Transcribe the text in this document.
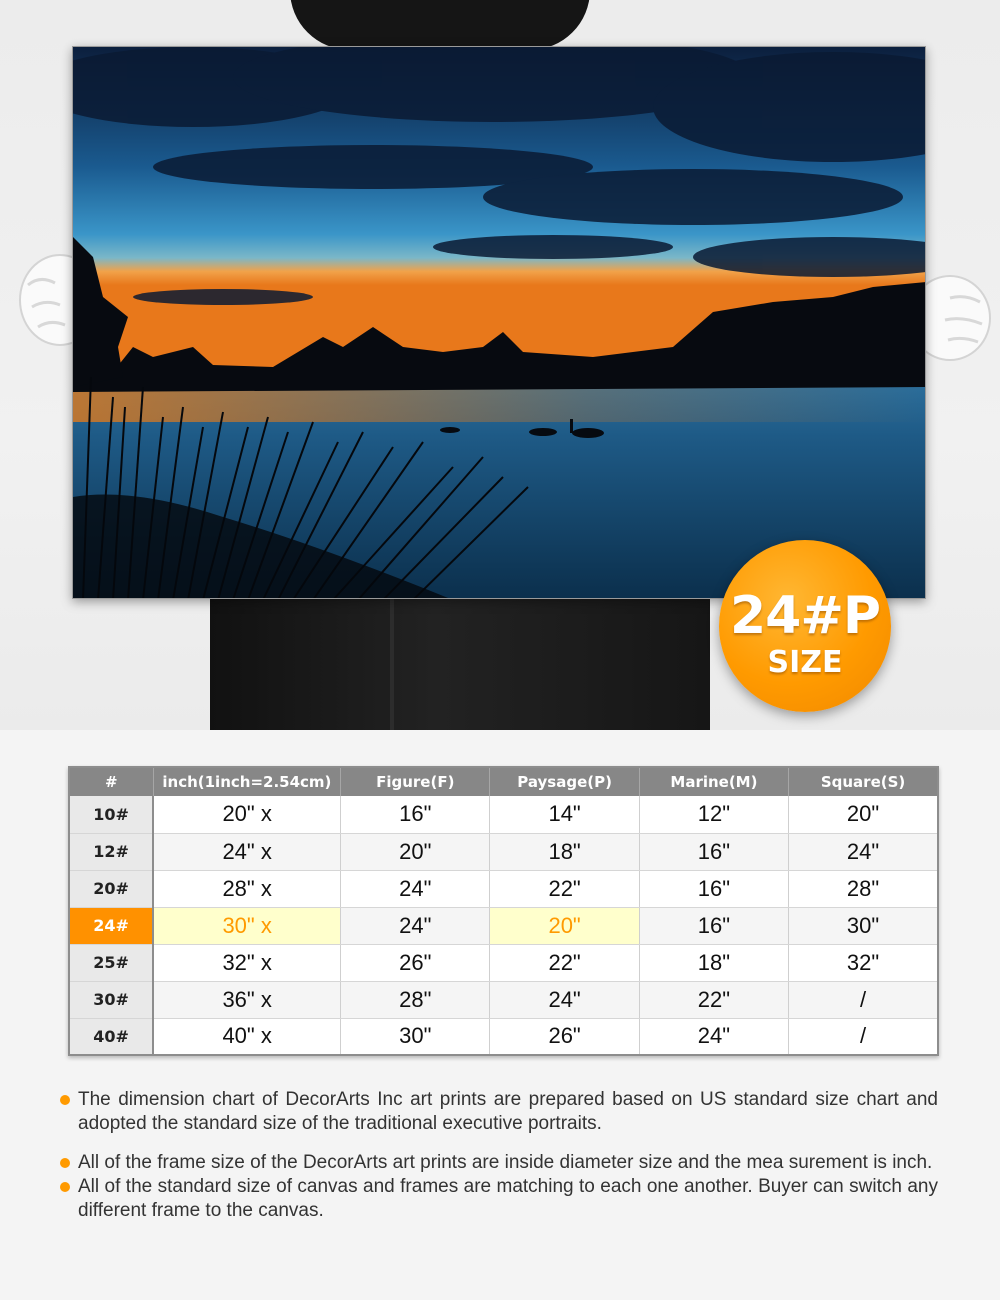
24#P
SIZE
#	inch(1inch=2.54cm)	Figure(F)	Paysage(P)	Marine(M)	Square(S)
10#	20" x	16"	14"	12"	20"
12#	24" x	20"	18"	16"	24"
20#	28" x	24"	22"	16"	28"
24#	30" x	24"	20"	16"	30"
25#	32" x	26"	22"	18"	32"
30#	36" x	28"	24"	22"	/
40#	40" x	30"	26"	24"	/
The dimension chart of DecorArts Inc art prints are prepared based on US standard size chart and adopted the standard size of the traditional executive portraits.
All of the frame size of the DecorArts art prints are inside diameter size and the mea surement is inch.
All of the standard size of canvas and frames are matching to each one another. Buyer can switch any different frame to the canvas.
